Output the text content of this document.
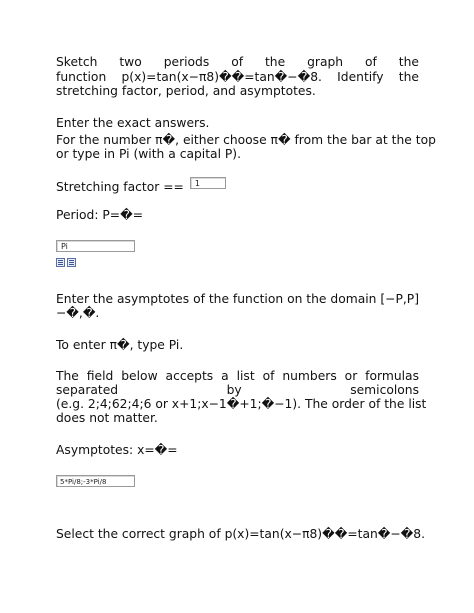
Sketch two periods of the graph of the
function p(x)=tan(x−π8)��=tan�−�8. Identify the
stretching factor, period, and asymptotes.
Enter the exact answers.
For the number π�, either choose π� from the bar at the top
or type in Pi (with a capital P).
Stretching factor ==	1
Period: P=�=
Pi
Enter the asymptotes of the function on the domain [−P,P]
−�,�.
To enter π�, type Pi.
The field below accepts a list of numbers or formulas
separated by semicolons
(e.g. 2;4;62;4;6 or x+1;x−1�+1;�−1). The order of the list
does not matter.
Asymptotes: x=�=
5*Pi/8;-3*Pi/8
Select the correct graph of p(x)=tan(x−π8)��=tan�−�8.
